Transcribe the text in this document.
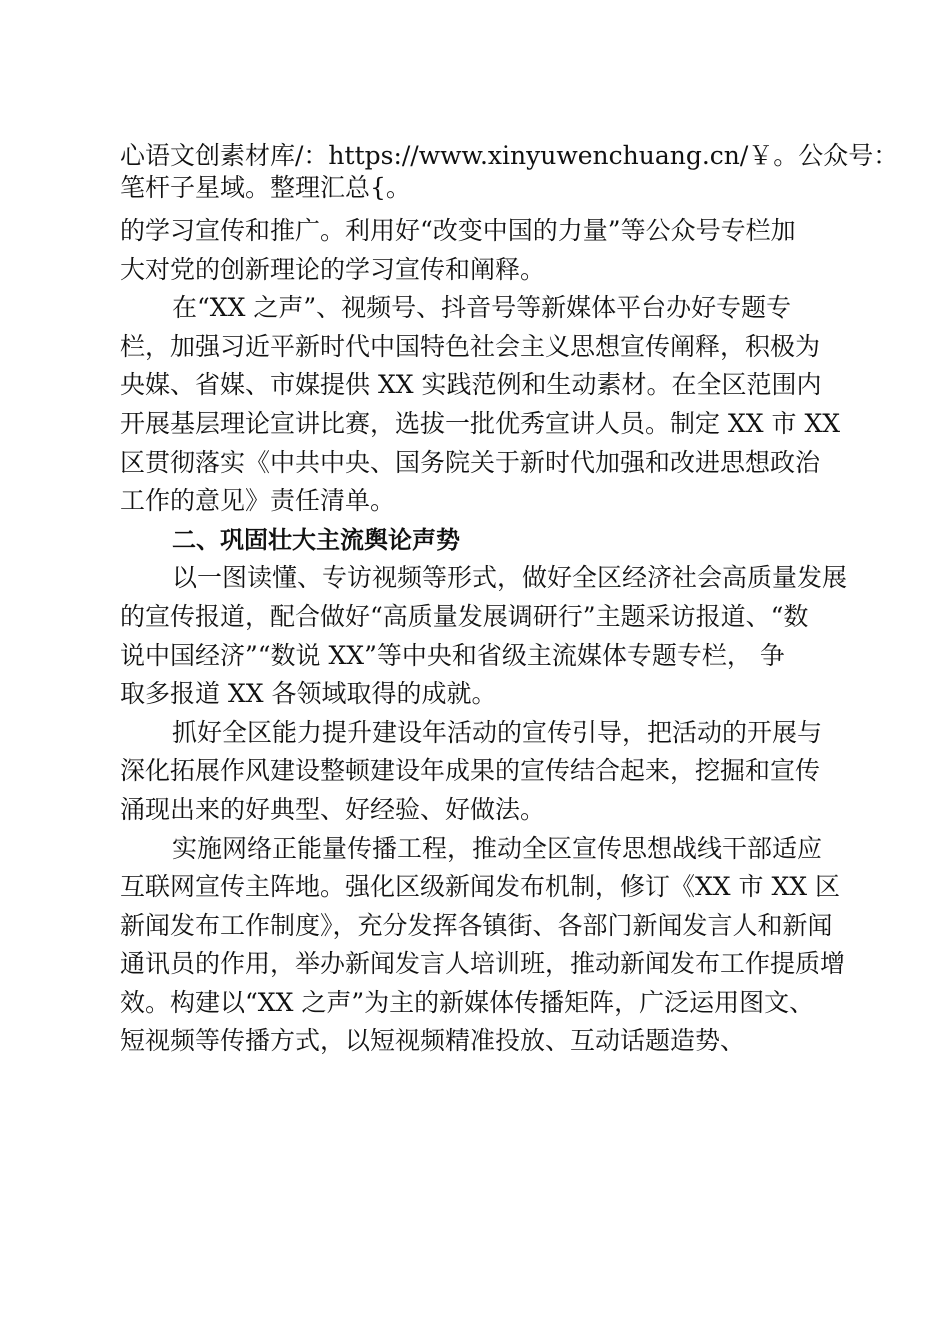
心语文创素材库/：https://www.xinyuwenchuang.cn/￥。公众号：
笔杆子星域。整理汇总{。
的学习宣传和推广。利用好“改变中国的力量”等公众号专栏加
大对党的创新理论的学习宣传和阐释。
在“XX 之声”、视频号、抖音号等新媒体平台办好专题专
栏，加强习近平新时代中国特色社会主义思想宣传阐释，积极为
央媒、省媒、市媒提供 XX 实践范例和生动素材。在全区范围内
开展基层理论宣讲比赛，选拔一批优秀宣讲人员。制定 XX 市 XX
区贯彻落实《中共中央、国务院关于新时代加强和改进思想政治
工作的意见》责任清单。
二、巩固壮大主流舆论声势
以一图读懂、专访视频等形式，做好全区经济社会高质量发展
的宣传报道，配合做好“高质量发展调研行”主题采访报道、“数
说中国经济”“数说 XX”等中央和省级主流媒体专题专栏， 争
取多报道 XX 各领域取得的成就。
抓好全区能力提升建设年活动的宣传引导，把活动的开展与
深化拓展作风建设整顿建设年成果的宣传结合起来，挖掘和宣传
涌现出来的好典型、好经验、好做法。
实施网络正能量传播工程，推动全区宣传思想战线干部适应
互联网宣传主阵地。强化区级新闻发布机制，修订《XX 市 XX 区
新闻发布工作制度》，充分发挥各镇街、各部门新闻发言人和新闻
通讯员的作用，举办新闻发言人培训班，推动新闻发布工作提质增
效。构建以“XX 之声”为主的新媒体传播矩阵，广泛运用图文、
短视频等传播方式，以短视频精准投放、互动话题造势、
